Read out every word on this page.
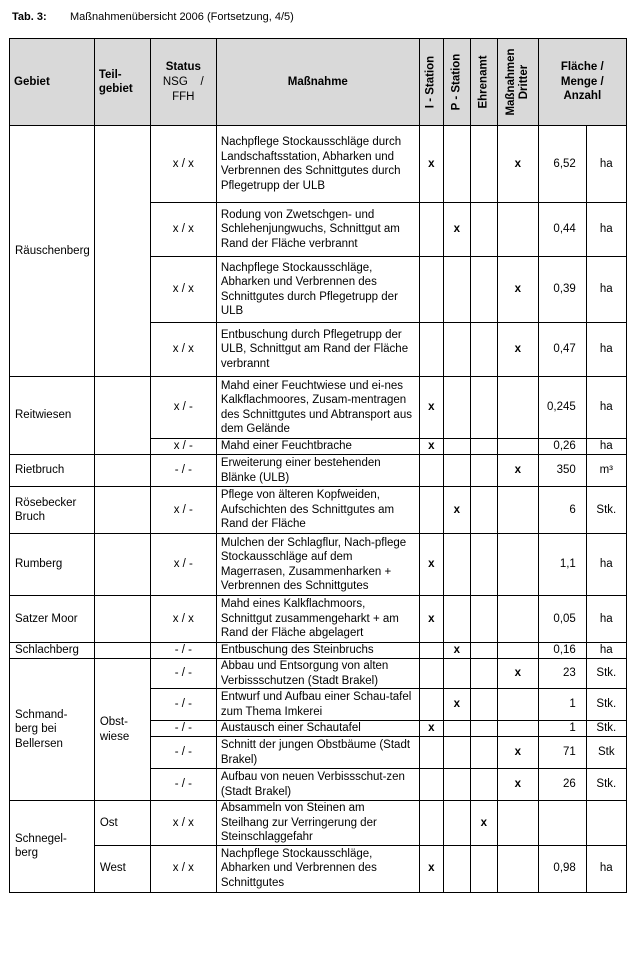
Tab. 3: Maßnahmenübersicht 2006 (Fortsetzung, 4/5)
Gebiet	Teil-
gebiet	Status
NSG    /
FFH	Maßnahme	I - Station	P - Station	Ehrenamt	Maßnahmen
Dritter	Fläche /
Menge /
Anzahl	
Räuschenberg		x / x	Nachpflege Stockausschläge durch Landschaftsstation, Abharken und Verbrennen des Schnittgutes durch Pflegetrupp der ULB	x			x	6,52	ha
		x / x	Rodung von Zwetschgen- und Schlehenjungwuchs, Schnittgut am Rand der Fläche verbrannt		x			0,44	ha
		x / x	Nachpflege Stockausschläge, Abharken und Verbrennen des Schnittgutes durch Pflegetrupp der ULB				x	0,39	ha
		x / x	Entbuschung durch Pflegetrupp der ULB, Schnittgut am Rand der Fläche verbrannt				x	0,47	ha
Reitwiesen		x / -	Mahd einer Feuchtwiese und ei-nes Kalkflachmoores, Zusam-mentragen des Schnittgutes und Abtransport aus dem Gelände	x				0,245	ha
		x / -	Mahd einer Feuchtbrache	x				0,26	ha
Rietbruch		- / -	Erweiterung einer bestehenden Blänke (ULB)				x	350	m³
Rösebecker Bruch		x / -	Pflege von älteren Kopfweiden, Aufschichten des Schnittgutes am Rand der Fläche		x			6	Stk.
Rumberg		x / -	Mulchen der Schlagflur, Nach-pflege Stockausschläge auf dem Magerrasen, Zusammenharken + Verbrennen des Schnittgutes	x				1,1	ha
Satzer Moor		x / x	Mahd eines Kalkflachmoors, Schnittgut zusammengeharkt + am Rand der Fläche abgelagert	x				0,05	ha
Schlachberg		- / -	Entbuschung des Steinbruchs		x			0,16	ha
Schmand-
berg bei
Bellersen	Obst-
wiese	- / -	Abbau und Entsorgung von alten Verbissschutzen (Stadt Brakel)				x	23	Stk.
		- / -	Entwurf und Aufbau einer Schau-tafel zum Thema Imkerei		x			1	Stk.
		- / -	Austausch einer Schautafel	x				1	Stk.
		- / -	Schnitt der jungen Obstbäume (Stadt Brakel)				x	71	Stk
		- / -	Aufbau von neuen Verbissschut-zen (Stadt Brakel)				x	26	Stk.
Schnegel-
berg	Ost	x / x	Absammeln von Steinen am Steilhang zur Verringerung der Steinschlaggefahr			x			
	West	x / x	Nachpflege Stockausschläge, Abharken und Verbrennen des Schnittgutes	x				0,98	ha
